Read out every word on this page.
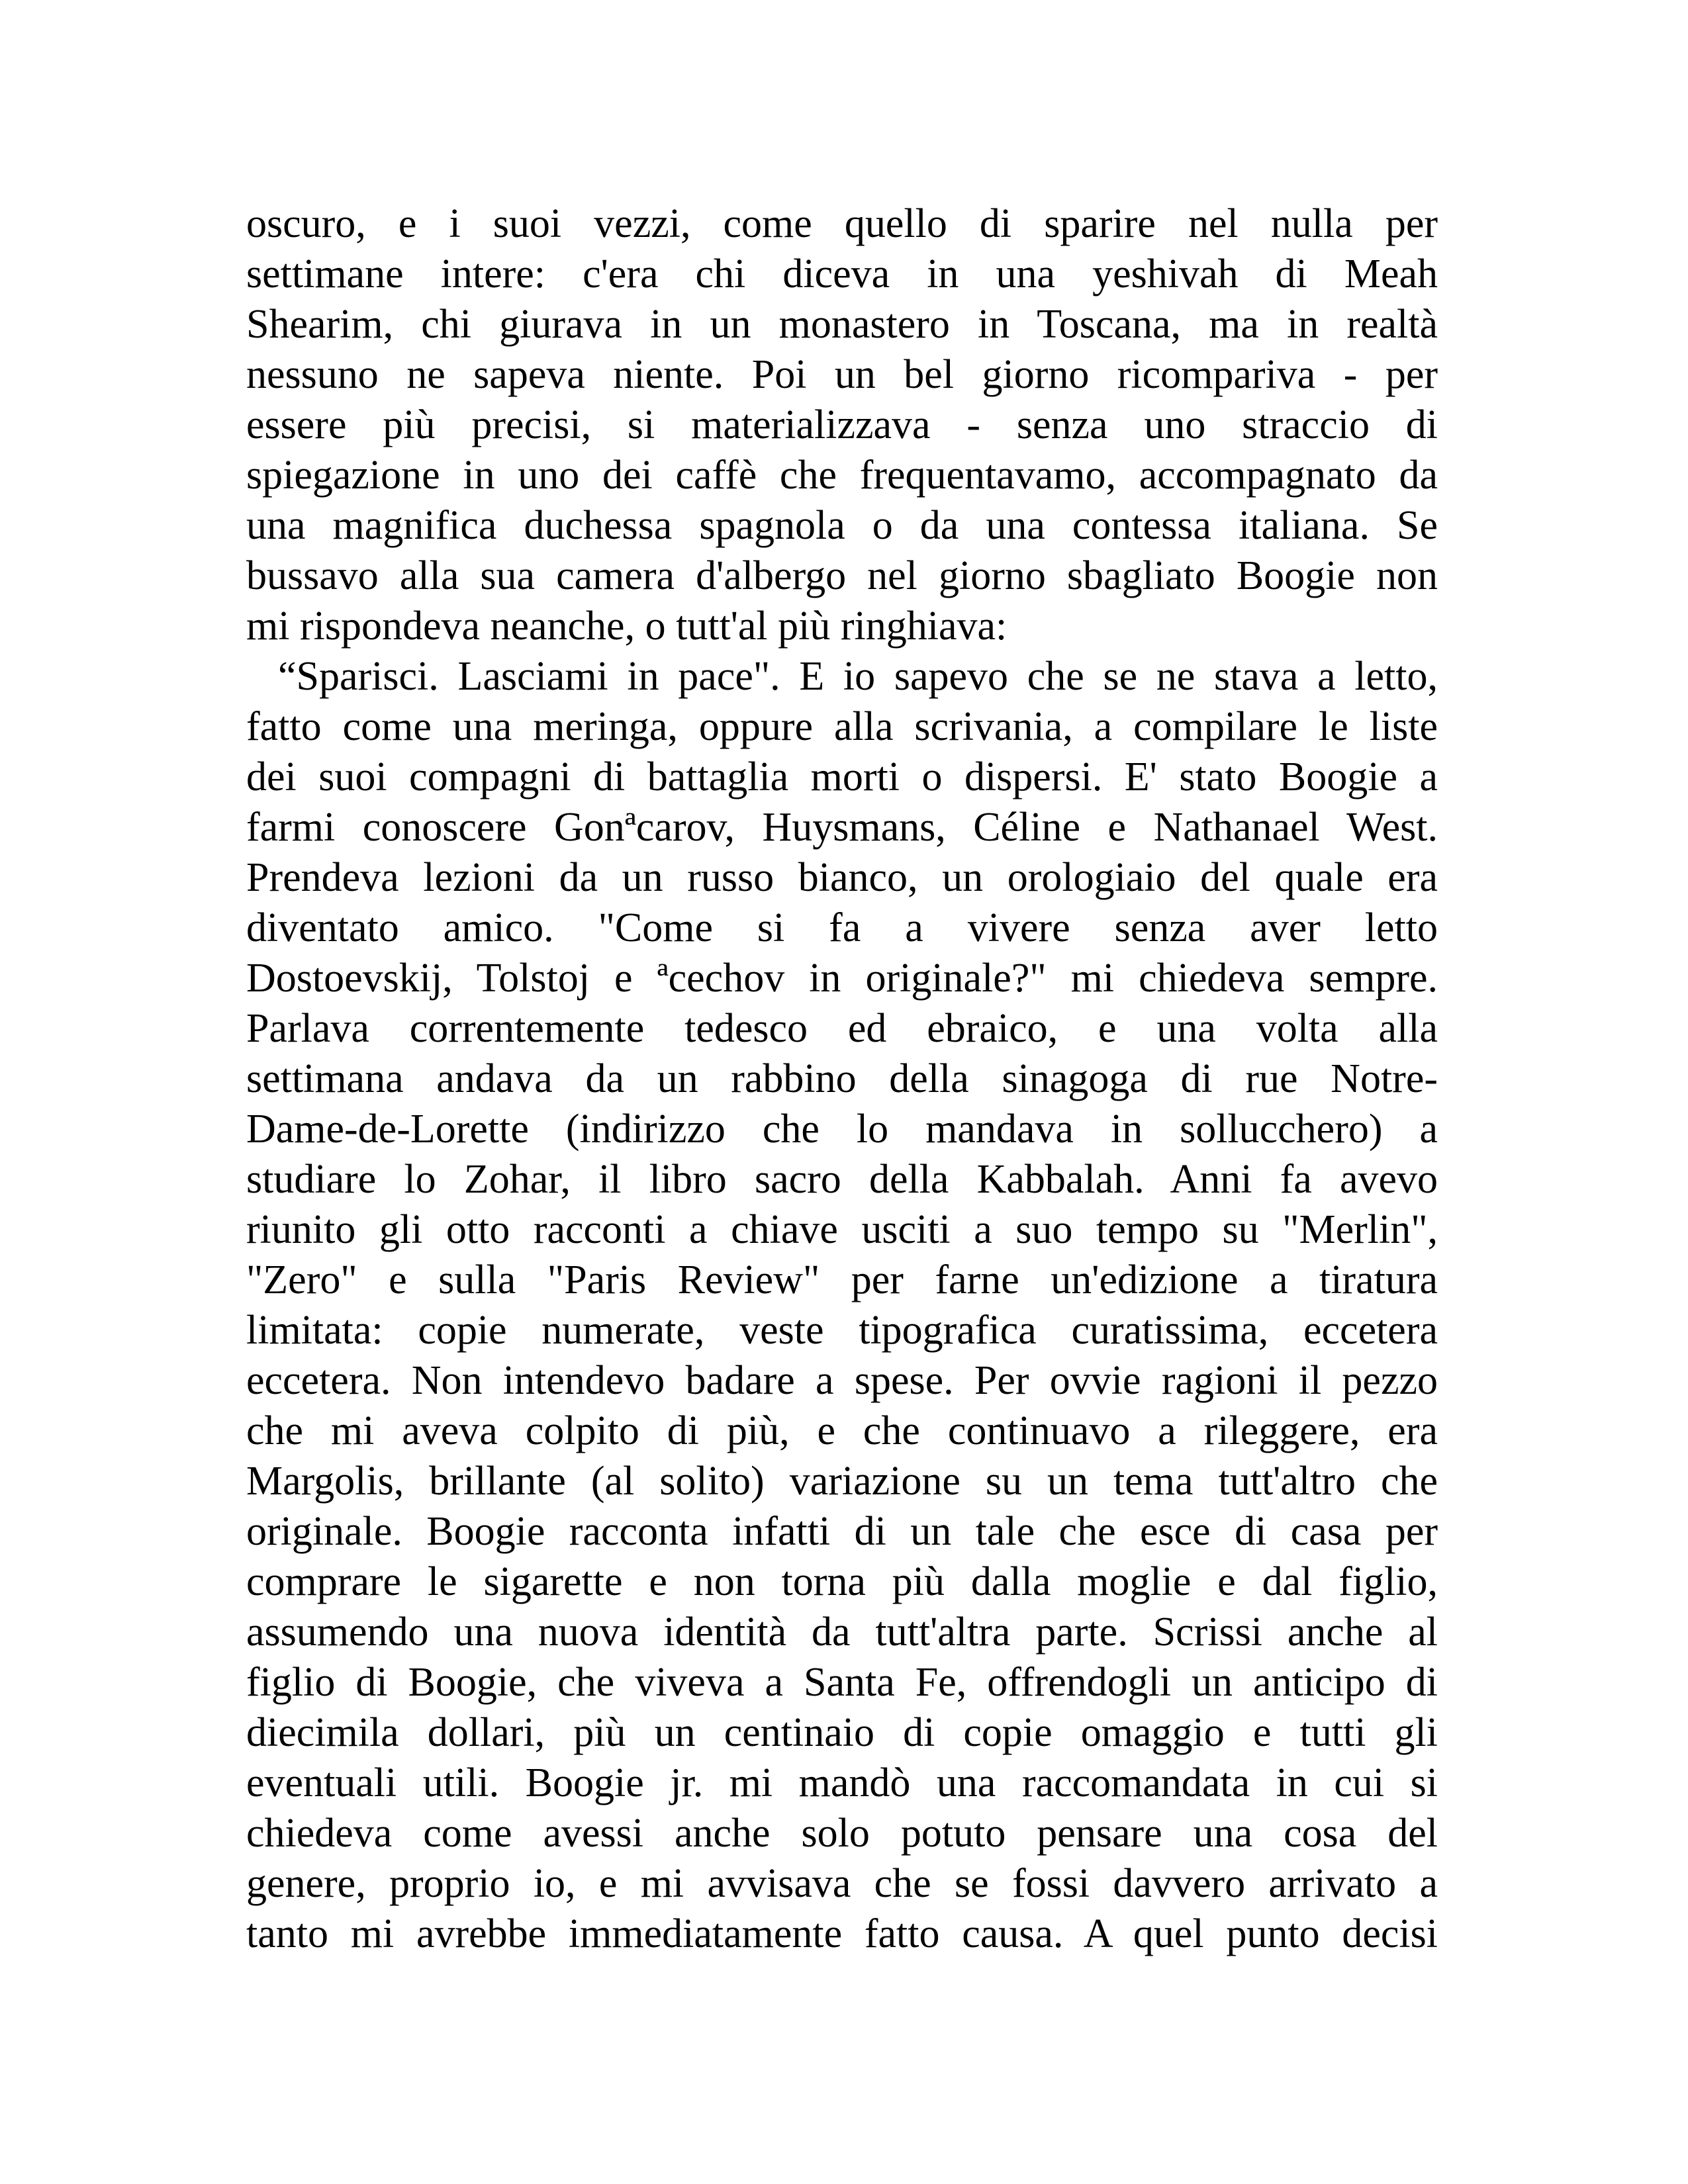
oscuro, e i suoi vezzi, come quello di sparire nel nulla per
settimane intere: c'era chi diceva in una yeshivah di Meah
Shearim, chi giurava in un monastero in Toscana, ma in realtà
nessuno ne sapeva niente. Poi un bel giorno ricompariva - per
essere più precisi, si materializzava - senza uno straccio di
spiegazione in uno dei caffè che frequentavamo, accompagnato da
una magnifica duchessa spagnola o da una contessa italiana. Se
bussavo alla sua camera d'albergo nel giorno sbagliato Boogie non
mi rispondeva neanche, o tutt'al più ringhiava:
“Sparisci. Lasciami in pace". E io sapevo che se ne stava a letto,
fatto come una meringa, oppure alla scrivania, a compilare le liste
dei suoi compagni di battaglia morti o dispersi. E' stato Boogie a
farmi conoscere Gonªcarov, Huysmans, Céline e Nathanael West.
Prendeva lezioni da un russo bianco, un orologiaio del quale era
diventato amico. "Come si fa a vivere senza aver letto
Dostoevskij, Tolstoj e ªcechov in originale?" mi chiedeva sempre.
Parlava correntemente tedesco ed ebraico, e una volta alla
settimana andava da un rabbino della sinagoga di rue Notre-
Dame-de-Lorette (indirizzo che lo mandava in sollucchero) a
studiare lo Zohar, il libro sacro della Kabbalah. Anni fa avevo
riunito gli otto racconti a chiave usciti a suo tempo su "Merlin",
"Zero" e sulla "Paris Review" per farne un'edizione a tiratura
limitata: copie numerate, veste tipografica curatissima, eccetera
eccetera. Non intendevo badare a spese. Per ovvie ragioni il pezzo
che mi aveva colpito di più, e che continuavo a rileggere, era
Margolis, brillante (al solito) variazione su un tema tutt'altro che
originale. Boogie racconta infatti di un tale che esce di casa per
comprare le sigarette e non torna più dalla moglie e dal figlio,
assumendo una nuova identità da tutt'altra parte. Scrissi anche al
figlio di Boogie, che viveva a Santa Fe, offrendogli un anticipo di
diecimila dollari, più un centinaio di copie omaggio e tutti gli
eventuali utili. Boogie jr. mi mandò una raccomandata in cui si
chiedeva come avessi anche solo potuto pensare una cosa del
genere, proprio io, e mi avvisava che se fossi davvero arrivato a
tanto mi avrebbe immediatamente fatto causa. A quel punto decisi
